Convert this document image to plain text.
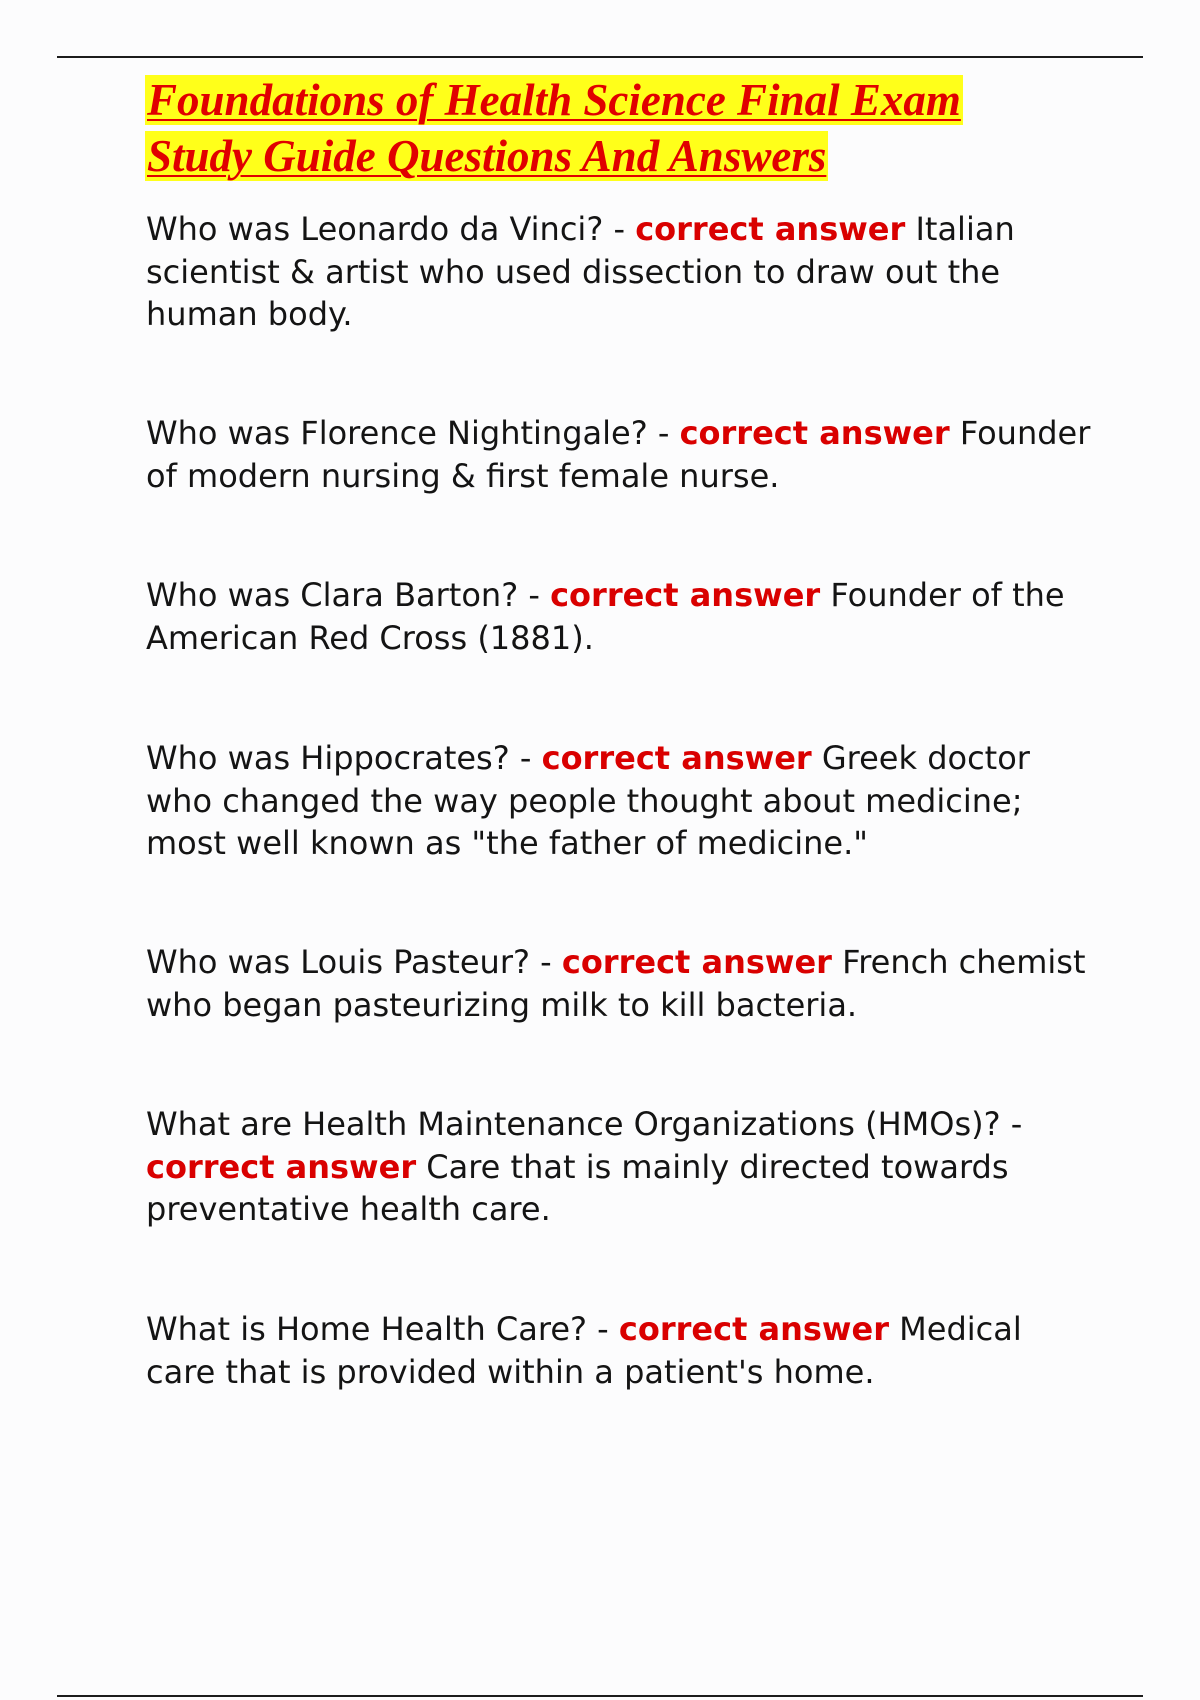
Foundations of Health Science Final Exam
Study Guide Questions And Answers
Who was Leonardo da Vinci? - correct answer Italian scientist & artist who used dissection to draw out the human body.
Who was Florence Nightingale? - correct answer Founder of modern nursing & first female nurse.
Who was Clara Barton? - correct answer Founder of the American Red Cross (1881).
Who was Hippocrates? - correct answer Greek doctor who changed the way people thought about medicine; most well known as "the father of medicine."
Who was Louis Pasteur? - correct answer French chemist who began pasteurizing milk to kill bacteria.
What are Health Maintenance Organizations (HMOs)? - correct answer Care that is mainly directed towards preventative health care.
What is Home Health Care? - correct answer Medical care that is provided within a patient's home.
